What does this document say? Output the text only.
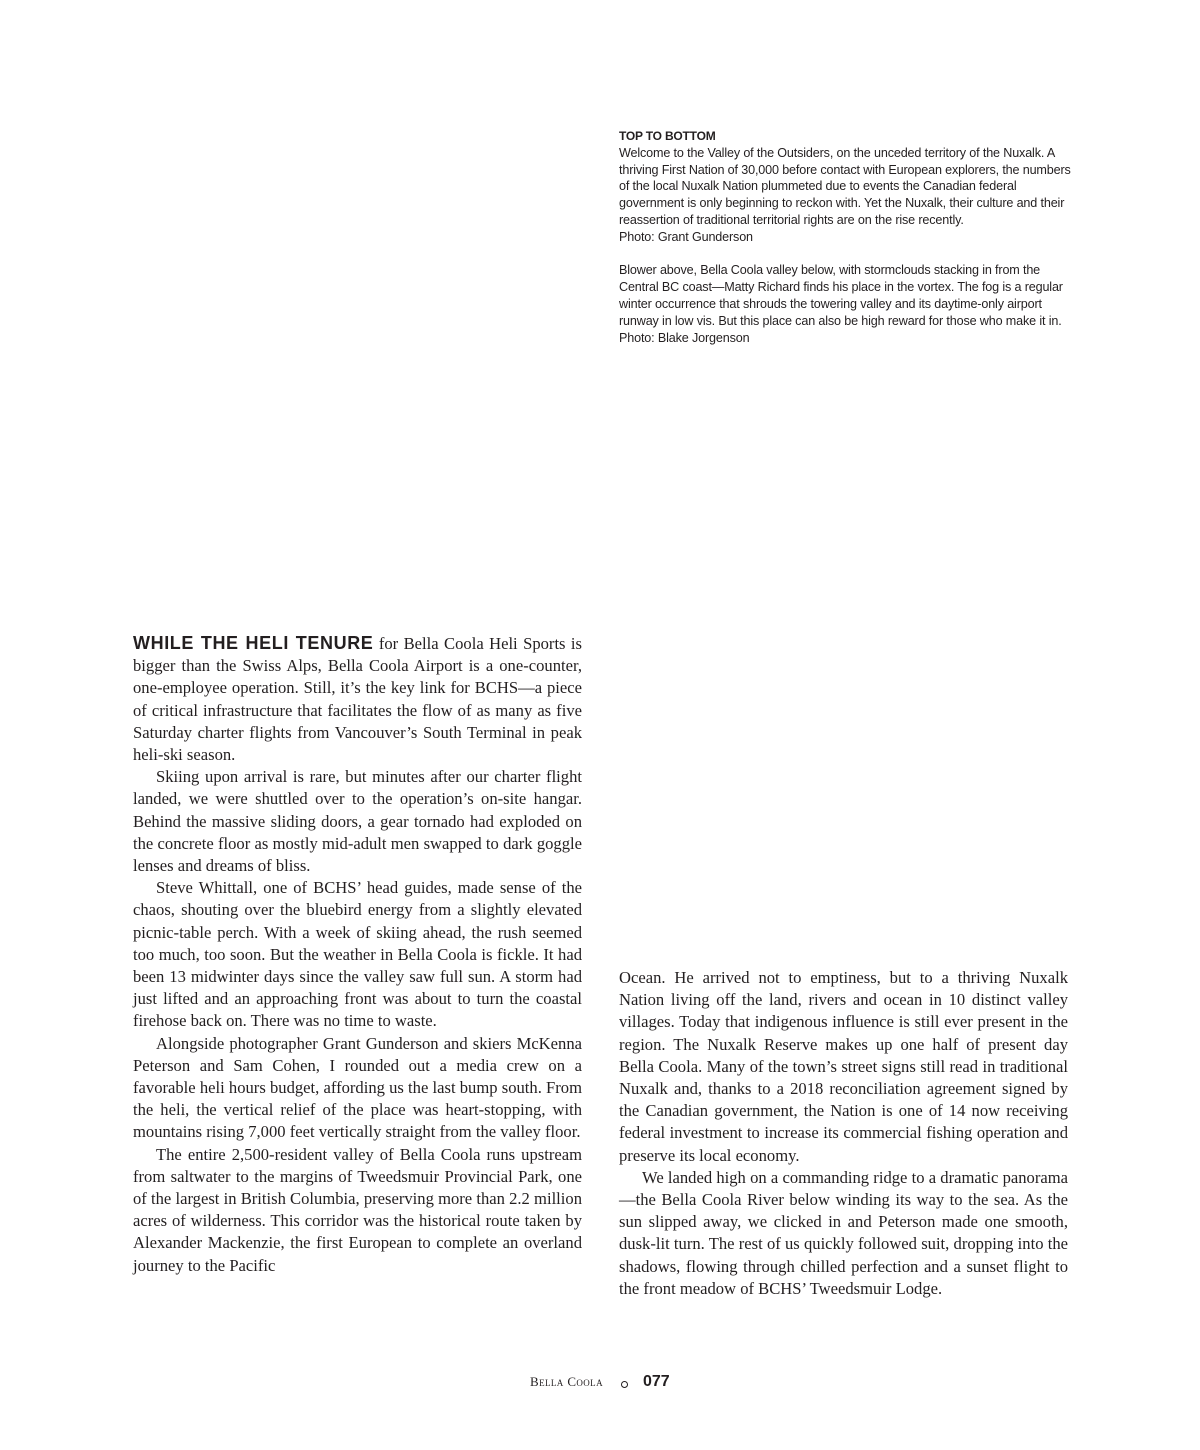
TOP TO BOTTOM

Welcome to the Valley of the Outsiders, on the unceded territory of the Nuxalk. A thriving First Nation of 30,000 before contact with European explorers, the numbers of the local Nuxalk Nation plummeted due to events the Canadian federal government is only beginning to reckon with. Yet the Nuxalk, their culture and their reassertion of traditional territorial rights are on the rise recently.

Photo: Grant Gunderson

Blower above, Bella Coola valley below, with stormclouds stacking in from the Central BC coast—Matty Richard finds his place in the vortex. The fog is a regular winter occurrence that shrouds the towering valley and its daytime-only airport runway in low vis. But this place can also be high reward for those who make it in.

Photo: Blake Jorgenson

WHILE THE HELI TENURE for Bella Coola Heli Sports is bigger than the Swiss Alps, Bella Coola Airport is a one-counter, one-employee operation. Still, it’s the key link for BCHS—a piece of critical infrastructure that facilitates the flow of as many as five Saturday charter flights from Vancouver’s South Terminal in peak heli-ski season.

Skiing upon arrival is rare, but minutes after our charter flight landed, we were shuttled over to the operation’s on-site hangar. Behind the massive sliding doors, a gear tornado had exploded on the concrete floor as mostly mid-adult men swapped to dark goggle lenses and dreams of bliss.

Steve Whittall, one of BCHS’ head guides, made sense of the chaos, shouting over the bluebird energy from a slightly elevated picnic-table perch. With a week of skiing ahead, the rush seemed too much, too soon. But the weather in Bella Coola is fickle. It had been 13 midwinter days since the valley saw full sun. A storm had just lifted and an approaching front was about to turn the coastal firehose back on. There was no time to waste.

Alongside photographer Grant Gunderson and skiers McKenna Peterson and Sam Cohen, I rounded out a media crew on a favorable heli hours budget, affording us the last bump south. From the heli, the vertical relief of the place was heart-stopping, with mountains rising 7,000 feet vertically straight from the valley floor.

The entire 2,500-resident valley of Bella Coola runs upstream from saltwater to the margins of Tweedsmuir Provincial Park, one of the largest in British Columbia, preserving more than 2.2 million acres of wilderness. This corridor was the historical route taken by Alexander Mackenzie, the first European to complete an overland journey to the Pacific

Ocean. He arrived not to emptiness, but to a thriving Nuxalk Nation living off the land, rivers and ocean in 10 distinct valley villages. Today that indigenous influence is still ever present in the region. The Nuxalk Reserve makes up one half of present day Bella Coola. Many of the town’s street signs still read in traditional Nuxalk and, thanks to a 2018 reconciliation agreement signed by the Canadian government, the Nation is one of 14 now receiving federal investment to increase its commercial fishing operation and preserve its local economy.

We landed high on a commanding ridge to a dramatic panorama—the Bella Coola River below winding its way to the sea. As the sun slipped away, we clicked in and Peterson made one smooth, dusk-lit turn. The rest of us quickly followed suit, dropping into the shadows, flowing through chilled perfection and a sunset flight to the front meadow of BCHS’ Tweedsmuir Lodge.

Bella Coola	077
